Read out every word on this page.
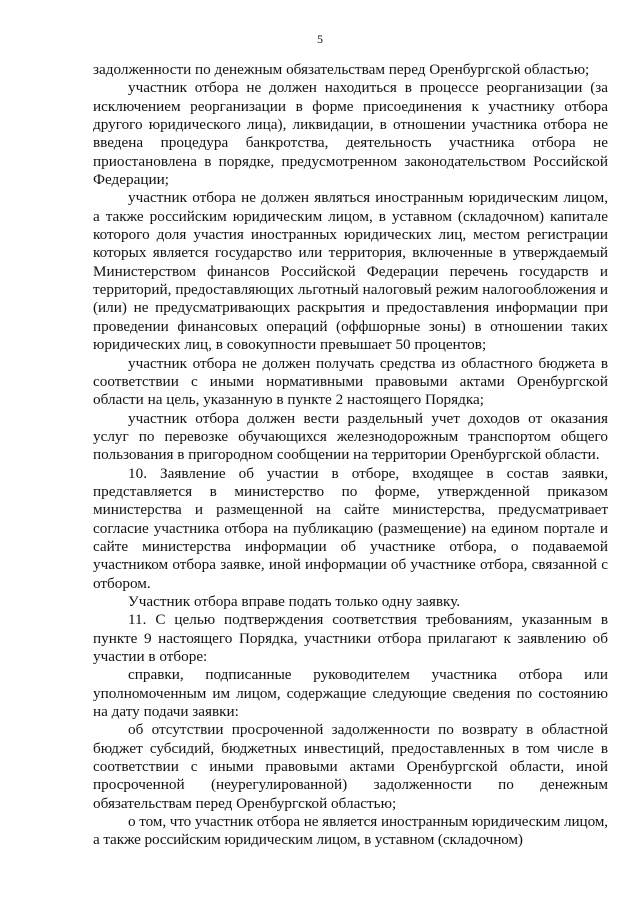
5

задолженности по денежным обязательствам перед Оренбургской областью;

участник отбора не должен находиться в процессе реорганизации (за исключением реорганизации в форме присоединения к участнику отбора другого юридического лица), ликвидации, в отношении участника отбора не введена процедура банкротства, деятельность участника отбора не приостановлена в порядке, предусмотренном законодательством Российской Федерации;

участник отбора не должен являться иностранным юридическим лицом, а также российским юридическим лицом, в уставном (складочном) капитале которого доля участия иностранных юридических лиц, местом регистрации которых является государство или территория, включенные в утверждаемый Министерством финансов Российской Федерации перечень государств и территорий, предоставляющих льготный налоговый режим налогообложения и (или) не предусматривающих раскрытия и предоставления информации при проведении финансовых операций (оффшорные зоны) в отношении таких юридических лиц, в совокупности превышает 50 процентов;

участник отбора не должен получать средства из областного бюджета в соответствии с иными нормативными правовыми актами Оренбургской области на цель, указанную в пункте 2 настоящего Порядка;

участник отбора должен вести раздельный учет доходов от оказания услуг по перевозке обучающихся железнодорожным транспортом общего пользования в пригородном сообщении на территории Оренбургской области.

10. Заявление об участии в отборе, входящее в состав заявки, представляется в министерство по форме, утвержденной приказом министерства и размещенной на сайте министерства, предусматривает согласие участника отбора на публикацию (размещение) на едином портале и сайте министерства информации об участнике отбора, о подаваемой участником отбора заявке, иной информации об участнике отбора, связанной с отбором.

Участник отбора вправе подать только одну заявку.

11. С целью подтверждения соответствия требованиям, указанным в пункте 9 настоящего Порядка, участники отбора прилагают к заявлению об участии в отборе:

справки, подписанные руководителем участника отбора или уполномоченным им лицом, содержащие следующие сведения по состоянию на дату подачи заявки:

об отсутствии просроченной задолженности по возврату в областной бюджет субсидий, бюджетных инвестиций, предоставленных в том числе в соответствии с иными правовыми актами Оренбургской области, иной просроченной (неурегулированной) задолженности по денежным обязательствам перед Оренбургской областью;

о том, что участник отбора не является иностранным юридическим лицом, а также российским юридическим лицом, в уставном (складочном)
